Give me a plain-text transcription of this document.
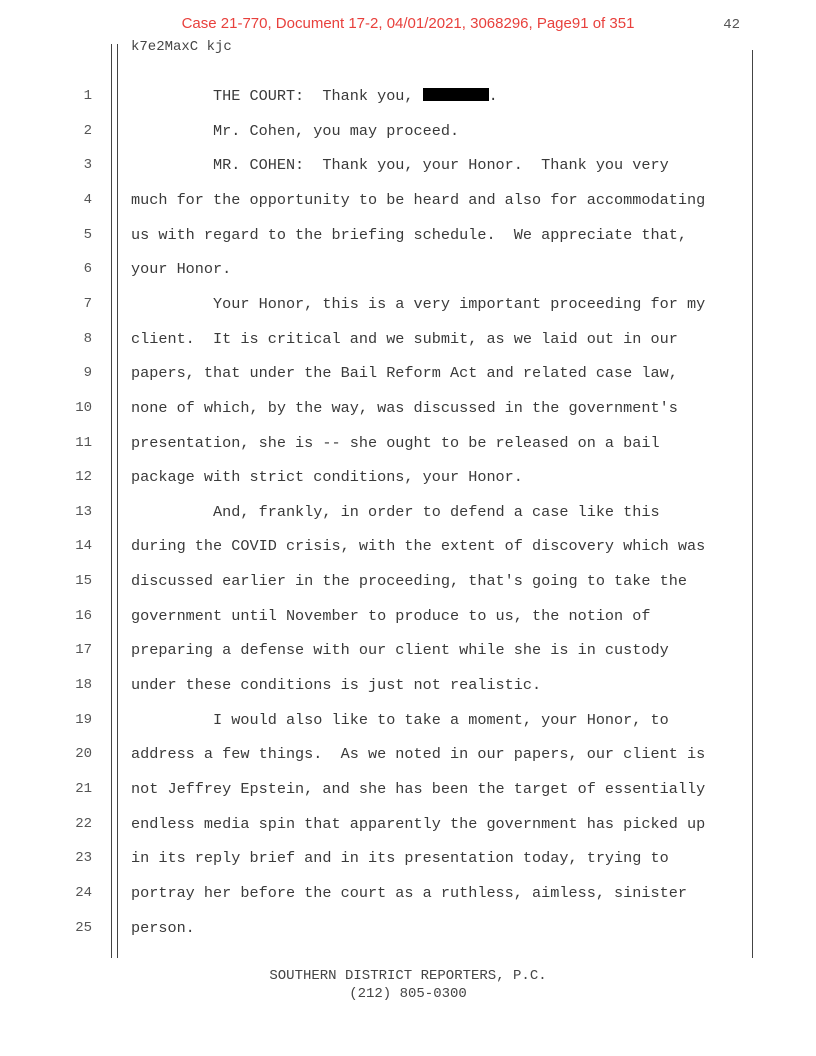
Case 21-770, Document 17-2, 04/01/2021, 3068296, Page91 of 351	42
k7e2MaxC kjc
1	THE COURT:  Thank you,	.
2	Mr. Cohen, you may proceed.
3	MR. COHEN:  Thank you, your Honor.  Thank you very
4	much for the opportunity to be heard and also for accommodating
5	us with regard to the briefing schedule.  We appreciate that,
6	your Honor.
7	Your Honor, this is a very important proceeding for my
8	client.  It is critical and we submit, as we laid out in our
9	papers, that under the Bail Reform Act and related case law,
10	none of which, by the way, was discussed in the government's
11	presentation, she is -- she ought to be released on a bail
12	package with strict conditions, your Honor.
13	And, frankly, in order to defend a case like this
14	during the COVID crisis, with the extent of discovery which was
15	discussed earlier in the proceeding, that's going to take the
16	government until November to produce to us, the notion of
17	preparing a defense with our client while she is in custody
18	under these conditions is just not realistic.
19	I would also like to take a moment, your Honor, to
20	address a few things.  As we noted in our papers, our client is
21	not Jeffrey Epstein, and she has been the target of essentially
22	endless media spin that apparently the government has picked up
23	in its reply brief and in its presentation today, trying to
24	portray her before the court as a ruthless, aimless, sinister
25	person.
SOUTHERN DISTRICT REPORTERS, P.C.
(212) 805-0300
